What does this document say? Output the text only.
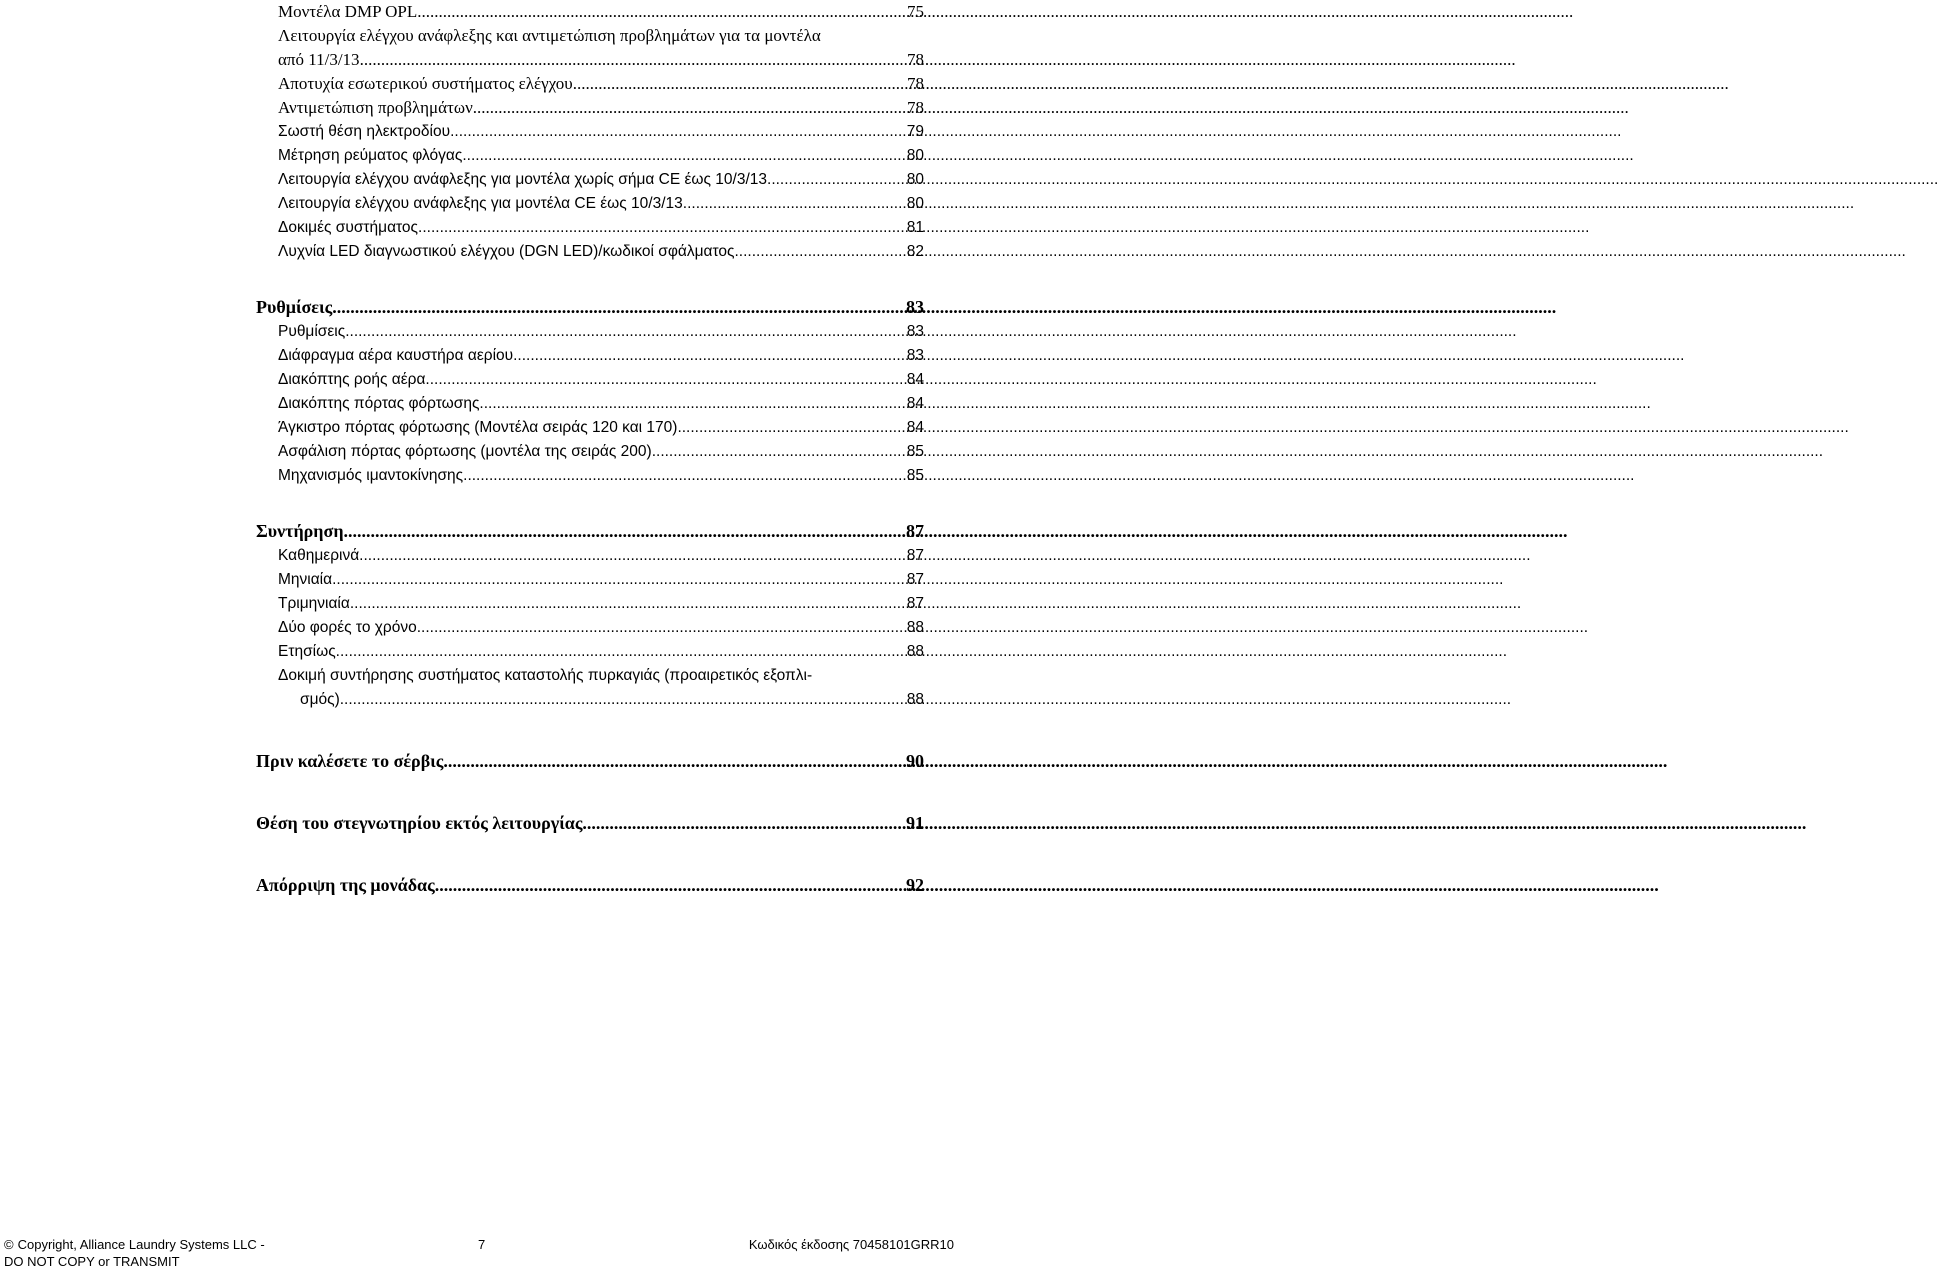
Μοντέλα DMP OPL .....	75
Λειτουργία ελέγχου ανάφλεξης και αντιμετώπιση προβλημάτων για τα μοντέλα
από 11/3/13 .....	78
Αποτυχία εσωτερικού συστήματος ελέγχου .....	78
Αντιμετώπιση προβλημάτων .....	78
Σωστή θέση ηλεκτροδίου .....	79
Μέτρηση ρεύματος φλόγας .....	80
Λειτουργία ελέγχου ανάφλεξης για μοντέλα χωρίς σήμα CE έως 10/3/13 .....	80
Λειτουργία ελέγχου ανάφλεξης για μοντέλα CE έως 10/3/13 .....	80
Δοκιμές συστήματος .....	81
Λυχνία LED διαγνωστικού ελέγχου (DGN LED)/κωδικοί σφάλματος .....	82
Ρυθμίσεις .....	83
Ρυθμίσεις .....	83
Διάφραγμα αέρα καυστήρα αερίου .....	83
Διακόπτης ροής αέρα .....	84
Διακόπτης πόρτας φόρτωσης .....	84
Άγκιστρο πόρτας φόρτωσης (Μοντέλα σειράς 120 και 170) .....	84
Ασφάλιση πόρτας φόρτωσης (μοντέλα της σειράς 200) .....	85
Μηχανισμός ιμαντοκίνησης .....	85
Συντήρηση .....	87
Καθημερινά .....	87
Μηνιαία .....	87
Τριμηνιαία .....	87
Δύο φορές το χρόνο .....	88
Ετησίως .....	88
Δοκιμή συντήρησης συστήματος καταστολής πυρκαγιάς (προαιρετικός εξοπλι-
σμός) .....	88
Πριν καλέσετε το σέρβις .....	90
Θέση του στεγνωτηρίου εκτός λειτουργίας .....	91
Απόρριψη της μονάδας .....	92
© Copyright, Alliance Laundry Systems LLC -
DO NOT COPY or TRANSMIT
7	Κωδικός έκδοσης 70458101GRR10
